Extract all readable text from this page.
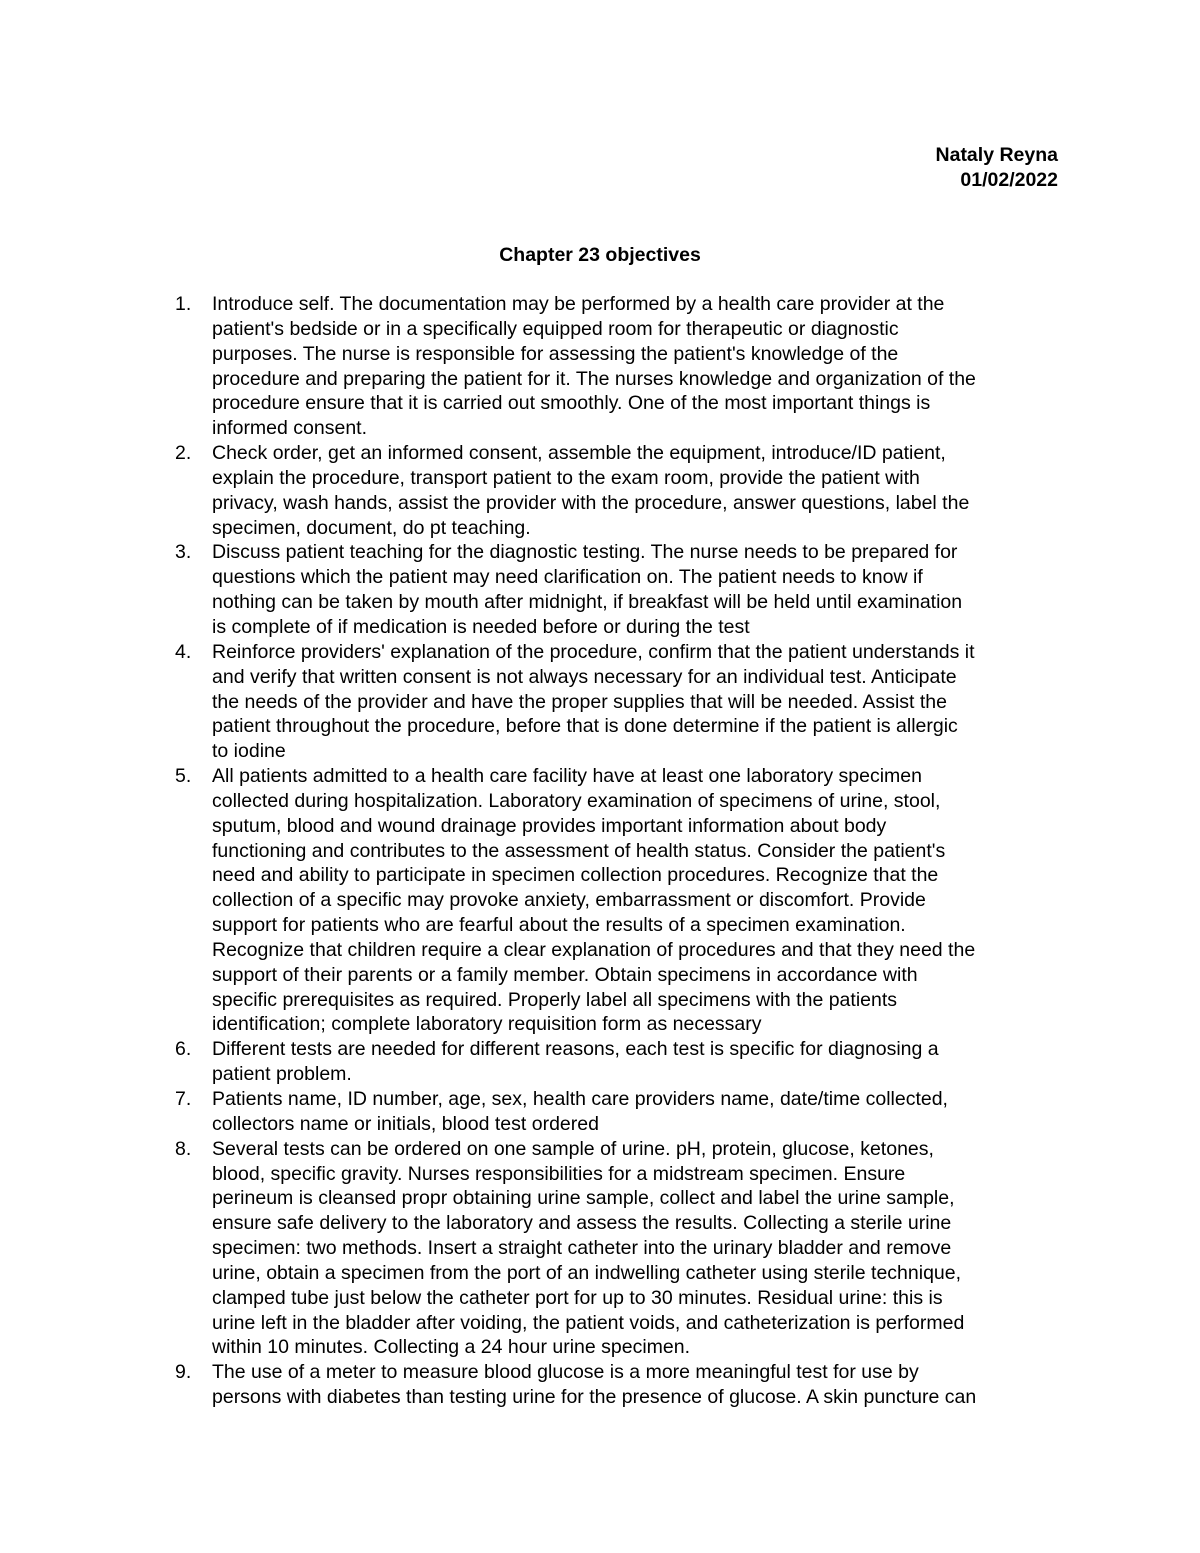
Nataly Reyna
01/02/2022
Chapter 23 objectives
1.	Introduce self. The documentation may be performed by a health care provider at the
patient's bedside or in a specifically equipped room for therapeutic or diagnostic
purposes. The nurse is responsible for assessing the patient's knowledge of the
procedure and preparing the patient for it. The nurses knowledge and organization of the
procedure ensure that it is carried out smoothly. One of the most important things is
informed consent.
2.	Check order, get an informed consent, assemble the equipment, introduce/ID patient,
explain the procedure, transport patient to the exam room, provide the patient with
privacy, wash hands, assist the provider with the procedure, answer questions, label the
specimen, document, do pt teaching.
3.	Discuss patient teaching for the diagnostic testing. The nurse needs to be prepared for
questions which the patient may need clarification on. The patient needs to know if
nothing can be taken by mouth after midnight, if breakfast will be held until examination
is complete of if medication is needed before or during the test
4.	Reinforce providers' explanation of the procedure, confirm that the patient understands it
and verify that written consent is not always necessary for an individual test. Anticipate
the needs of the provider and have the proper supplies that will be needed. Assist the
patient throughout the procedure, before that is done determine if the patient is allergic
to iodine
5.	All patients admitted to a health care facility have at least one laboratory specimen
collected during hospitalization. Laboratory examination of specimens of urine, stool,
sputum, blood and wound drainage provides important information about body
functioning and contributes to the assessment of health status. Consider the patient's
need and ability to participate in specimen collection procedures. Recognize that the
collection of a specific may provoke anxiety, embarrassment or discomfort. Provide
support for patients who are fearful about the results of a specimen examination.
Recognize that children require a clear explanation of procedures and that they need the
support of their parents or a family member. Obtain specimens in accordance with
specific prerequisites as required. Properly label all specimens with the patients
identification; complete laboratory requisition form as necessary
6.	Different tests are needed for different reasons, each test is specific for diagnosing a
patient problem.
7.	Patients name, ID number, age, sex, health care providers name, date/time collected,
collectors name or initials, blood test ordered
8.	Several tests can be ordered on one sample of urine. pH, protein, glucose, ketones,
blood, specific gravity. Nurses responsibilities for a midstream specimen. Ensure
perineum is cleansed propr obtaining urine sample, collect and label the urine sample,
ensure safe delivery to the laboratory and assess the results. Collecting a sterile urine
specimen: two methods. Insert a straight catheter into the urinary bladder and remove
urine, obtain a specimen from the port of an indwelling catheter using sterile technique,
clamped tube just below the catheter port for up to 30 minutes. Residual urine: this is
urine left in the bladder after voiding, the patient voids, and catheterization is performed
within 10 minutes. Collecting a 24 hour urine specimen.
9.	The use of a meter to measure blood glucose is a more meaningful test for use by
persons with diabetes than testing urine for the presence of glucose. A skin puncture can
